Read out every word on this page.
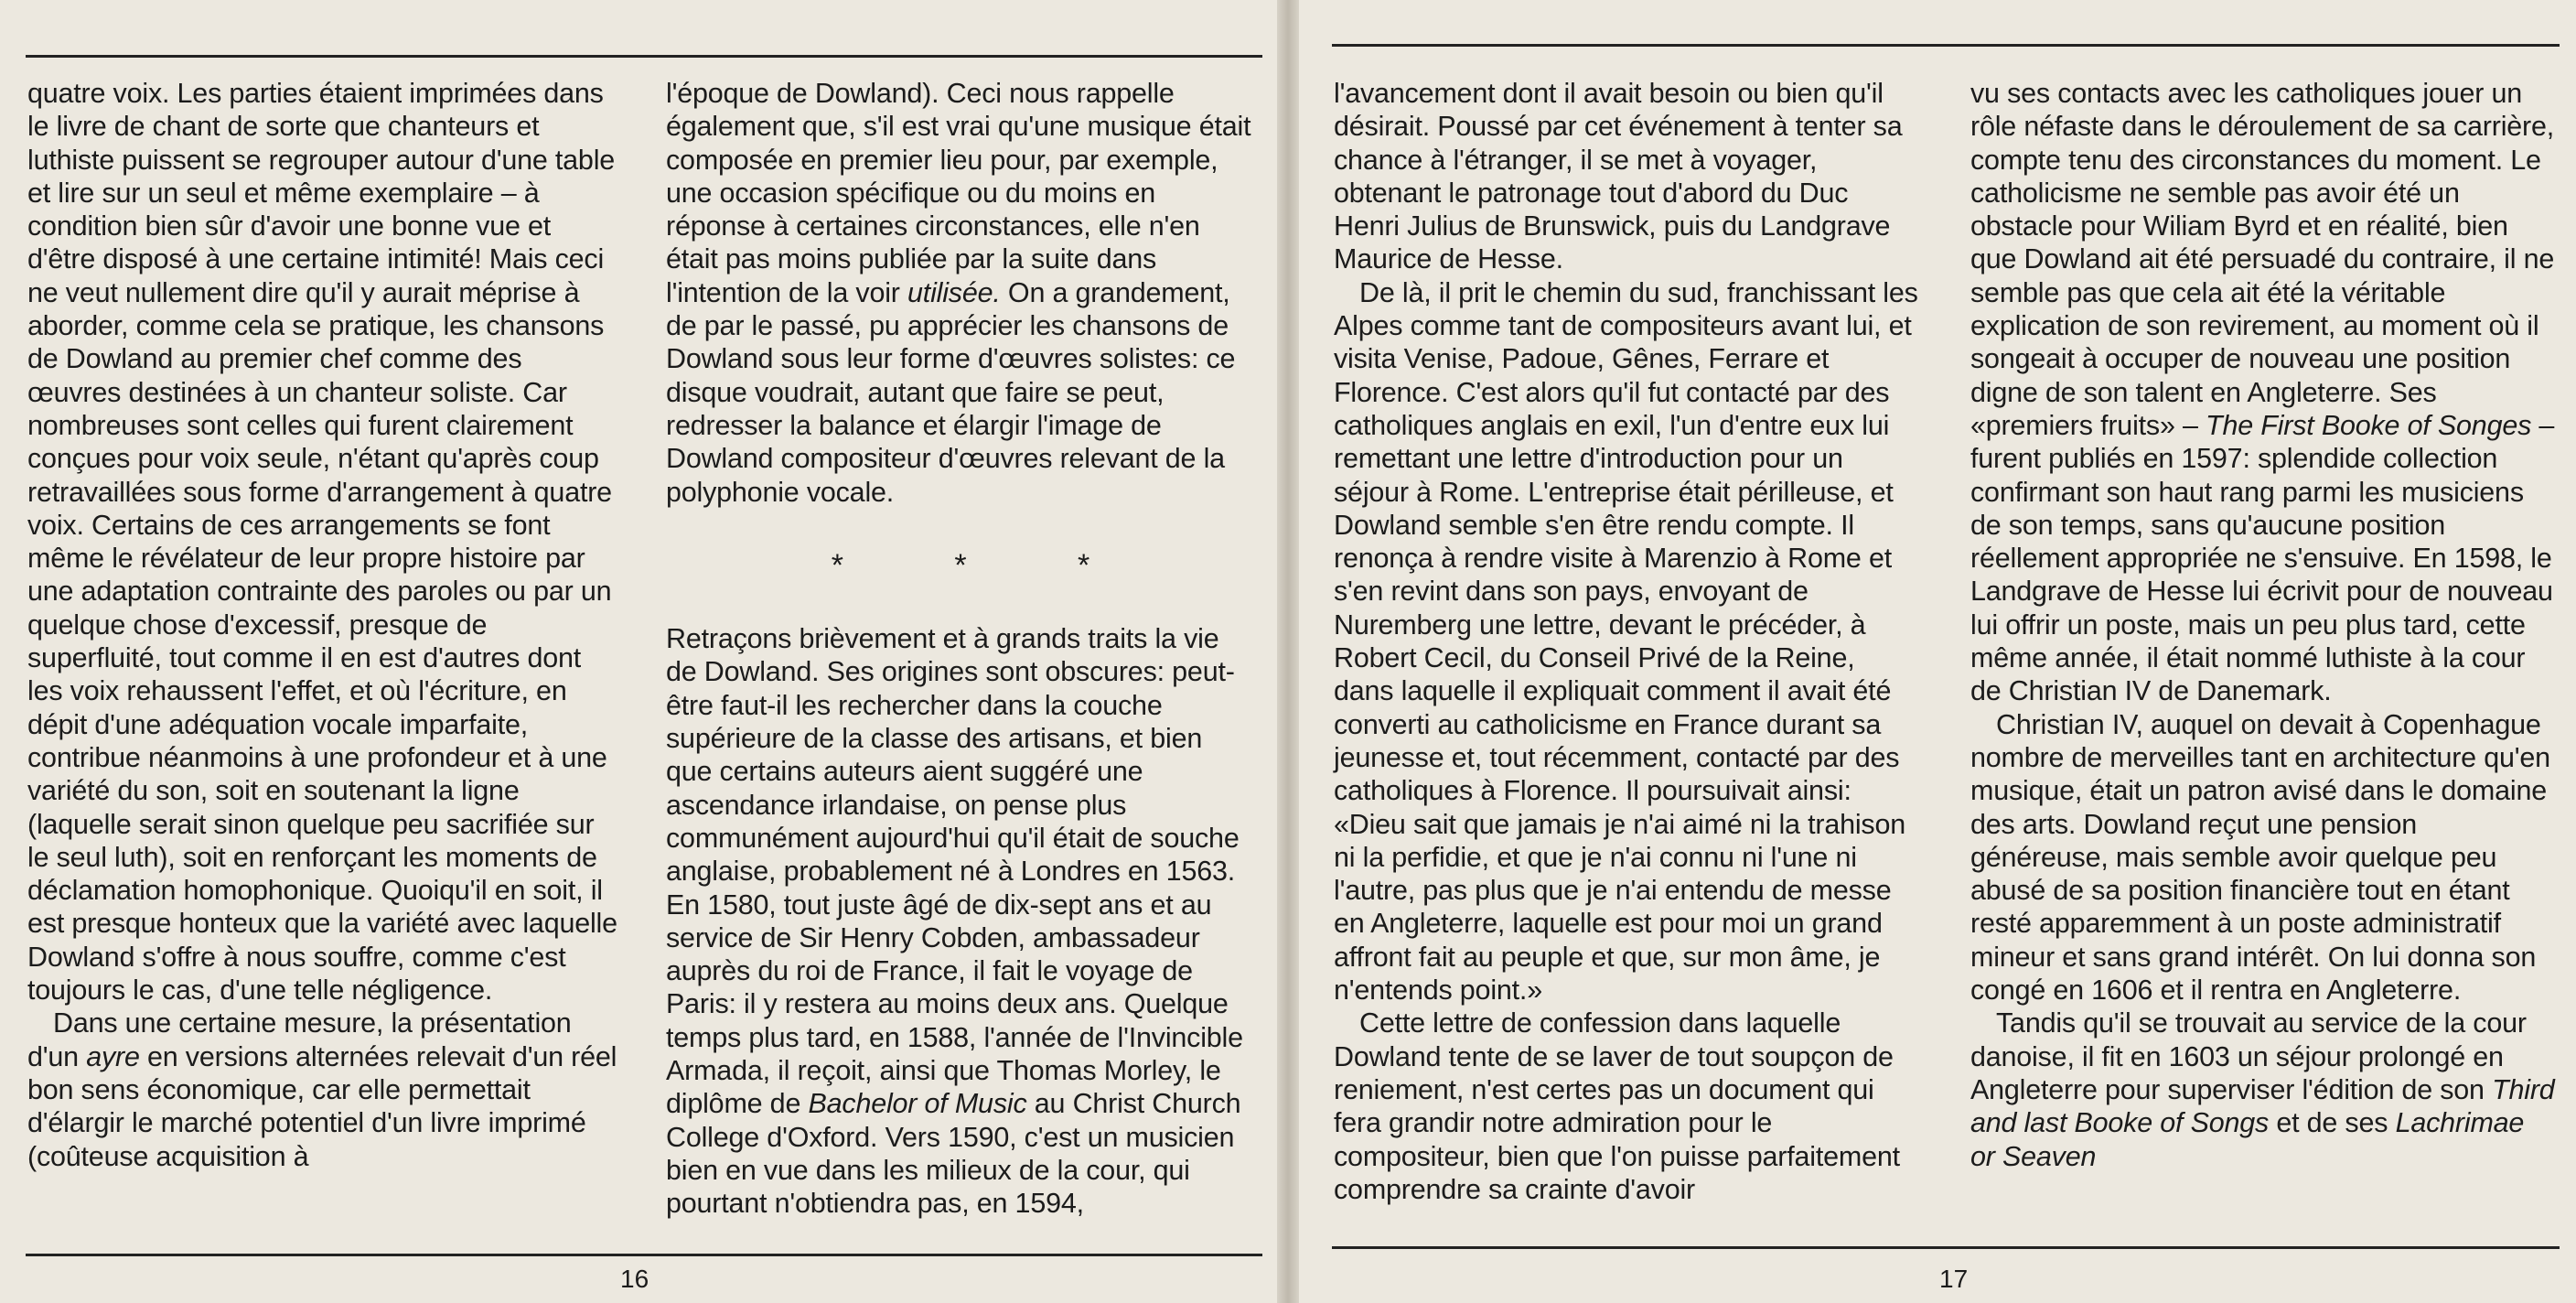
quatre voix. Les parties étaient imprimées dans le livre de chant de sorte que chanteurs et luthiste puissent se regrouper autour d'une table et lire sur un seul et même exemplaire – à condition bien sûr d'avoir une bonne vue et d'être disposé à une certaine intimité! Mais ceci ne veut nullement dire qu'il y aurait méprise à aborder, comme cela se pratique, les chansons de Dowland au premier chef comme des œuvres destinées à un chanteur soliste. Car nombreuses sont celles qui furent clairement conçues pour voix seule, n'étant qu'après coup retravaillées sous forme d'arrangement à quatre voix. Certains de ces arrangements se font même le révélateur de leur propre histoire par une adaptation contrainte des paroles ou par un quelque chose d'excessif, presque de superfluité, tout comme il en est d'autres dont les voix rehaussent l'effet, et où l'écriture, en dépit d'une adéquation vocale imparfaite, contribue néanmoins à une profondeur et à une variété du son, soit en soutenant la ligne (laquelle serait sinon quelque peu sacrifiée sur le seul luth), soit en renforçant les moments de déclamation homophonique. Quoiqu'il en soit, il est presque honteux que la variété avec laquelle Dowland s'offre à nous souffre, comme c'est toujours le cas, d'une telle négligence.

Dans une certaine mesure, la présentation d'un ayre en versions alternées relevait d'un réel bon sens économique, car elle permettait d'élargir le marché potentiel d'un livre imprimé (coûteuse acquisition à

l'époque de Dowland). Ceci nous rappelle également que, s'il est vrai qu'une musique était composée en premier lieu pour, par exemple, une occasion spécifique ou du moins en réponse à certaines circonstances, elle n'en était pas moins publiée par la suite dans l'intention de la voir utilisée. On a grandement, de par le passé, pu apprécier les chansons de Dowland sous leur forme d'œuvres solistes: ce disque voudrait, autant que faire se peut, redresser la balance et élargir l'image de Dowland compositeur d'œuvres relevant de la polyphonie vocale.

* * *

Retraçons brièvement et à grands traits la vie de Dowland. Ses origines sont obscures: peut-être faut-il les rechercher dans la couche supérieure de la classe des artisans, et bien que certains auteurs aient suggéré une ascendance irlandaise, on pense plus communément aujourd'hui qu'il était de souche anglaise, probablement né à Londres en 1563. En 1580, tout juste âgé de dix-sept ans et au service de Sir Henry Cobden, ambassadeur auprès du roi de France, il fait le voyage de Paris: il y restera au moins deux ans. Quelque temps plus tard, en 1588, l'année de l'Invincible Armada, il reçoit, ainsi que Thomas Morley, le diplôme de Bachelor of Music au Christ Church College d'Oxford. Vers 1590, c'est un musicien bien en vue dans les milieux de la cour, qui pourtant n'obtiendra pas, en 1594,

16

l'avancement dont il avait besoin ou bien qu'il désirait. Poussé par cet événement à tenter sa chance à l'étranger, il se met à voyager, obtenant le patronage tout d'abord du Duc Henri Julius de Brunswick, puis du Landgrave Maurice de Hesse.

De là, il prit le chemin du sud, franchissant les Alpes comme tant de compositeurs avant lui, et visita Venise, Padoue, Gênes, Ferrare et Florence. C'est alors qu'il fut contacté par des catholiques anglais en exil, l'un d'entre eux lui remettant une lettre d'introduction pour un séjour à Rome. L'entreprise était périlleuse, et Dowland semble s'en être rendu compte. Il renonça à rendre visite à Marenzio à Rome et s'en revint dans son pays, envoyant de Nuremberg une lettre, devant le précéder, à Robert Cecil, du Conseil Privé de la Reine, dans laquelle il expliquait comment il avait été converti au catholicisme en France durant sa jeunesse et, tout récemment, contacté par des catholiques à Florence. Il poursuivait ainsi: «Dieu sait que jamais je n'ai aimé ni la trahison ni la perfidie, et que je n'ai connu ni l'une ni l'autre, pas plus que je n'ai entendu de messe en Angleterre, laquelle est pour moi un grand affront fait au peuple et que, sur mon âme, je n'entends point.»

Cette lettre de confession dans laquelle Dowland tente de se laver de tout soupçon de reniement, n'est certes pas un document qui fera grandir notre admiration pour le compositeur, bien que l'on puisse parfaitement comprendre sa crainte d'avoir

vu ses contacts avec les catholiques jouer un rôle néfaste dans le déroulement de sa carrière, compte tenu des circonstances du moment. Le catholicisme ne semble pas avoir été un obstacle pour Wiliam Byrd et en réalité, bien que Dowland ait été persuadé du contraire, il ne semble pas que cela ait été la véritable explication de son revirement, au moment où il songeait à occuper de nouveau une position digne de son talent en Angleterre. Ses «premiers fruits» – The First Booke of Songes – furent publiés en 1597: splendide collection confirmant son haut rang parmi les musiciens de son temps, sans qu'aucune position réellement appropriée ne s'ensuive. En 1598, le Landgrave de Hesse lui écrivit pour de nouveau lui offrir un poste, mais un peu plus tard, cette même année, il était nommé luthiste à la cour de Christian IV de Danemark.

Christian IV, auquel on devait à Copenhague nombre de merveilles tant en architecture qu'en musique, était un patron avisé dans le domaine des arts. Dowland reçut une pension généreuse, mais semble avoir quelque peu abusé de sa position financière tout en étant resté apparemment à un poste administratif mineur et sans grand intérêt. On lui donna son congé en 1606 et il rentra en Angleterre.

Tandis qu'il se trouvait au service de la cour danoise, il fit en 1603 un séjour prolongé en Angleterre pour superviser l'édition de son Third and last Booke of Songs et de ses Lachrimae or Seaven

17
